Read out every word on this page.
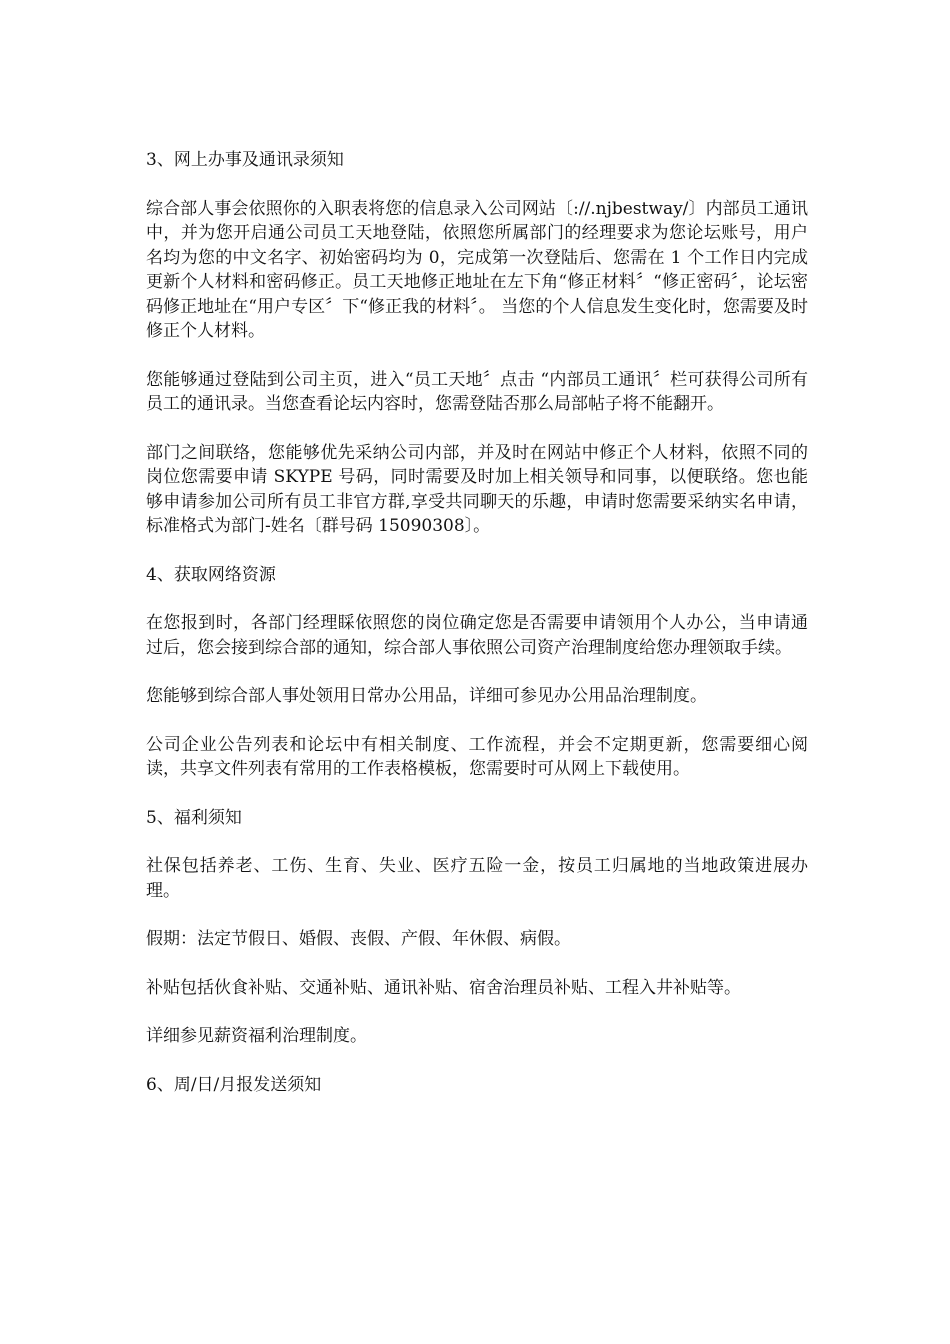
3、网上办事及通讯录须知
综合部人事会依照你的入职表将您的信息录入公司网站〔://.njbestway/〕内部员工通讯中，并为您开启通公司员工天地登陆，依照您所属部门的经理要求为您论坛账号，用户名均为您的中文名字、初始密码均为 0，完成第一次登陆后、您需在 1 个工作日内完成更新个人材料和密码修正。员工天地修正地址在左下角“修正材料〞“修正密码〞，论坛密码修正地址在“用户专区〞下“修正我的材料〞。 当您的个人信息发生变化时，您需要及时修正个人材料。
您能够通过登陆到公司主页，进入“员工天地〞点击 “内部员工通讯〞栏可获得公司所有员工的通讯录。当您查看论坛内容时，您需登陆否那么局部帖子将不能翻开。
部门之间联络，您能够优先采纳公司内部，并及时在网站中修正个人材料，依照不同的岗位您需要申请 SKYPE 号码，同时需要及时加上相关领导和同事，以便联络。您也能够申请参加公司所有员工非官方群,享受共同聊天的乐趣，申请时您需要采纳实名申请，标准格式为部门-姓名〔群号码 15090308〕。
4、获取网络资源
在您报到时，各部门经理睬依照您的岗位确定您是否需要申请领用个人办公，当申请通过后，您会接到综合部的通知，综合部人事依照公司资产治理制度给您办理领取手续。
您能够到综合部人事处领用日常办公用品，详细可参见办公用品治理制度。
公司企业公告列表和论坛中有相关制度、工作流程，并会不定期更新，您需要细心阅读，共享文件列表有常用的工作表格模板，您需要时可从网上下载使用。
5、福利须知
社保包括养老、工伤、生育、失业、医疗五险一金，按员工归属地的当地政策进展办理。
假期：法定节假日、婚假、丧假、产假、年休假、病假。
补贴包括伙食补贴、交通补贴、通讯补贴、宿舍治理员补贴、工程入井补贴等。
详细参见薪资福利治理制度。
6、周/日/月报发送须知
